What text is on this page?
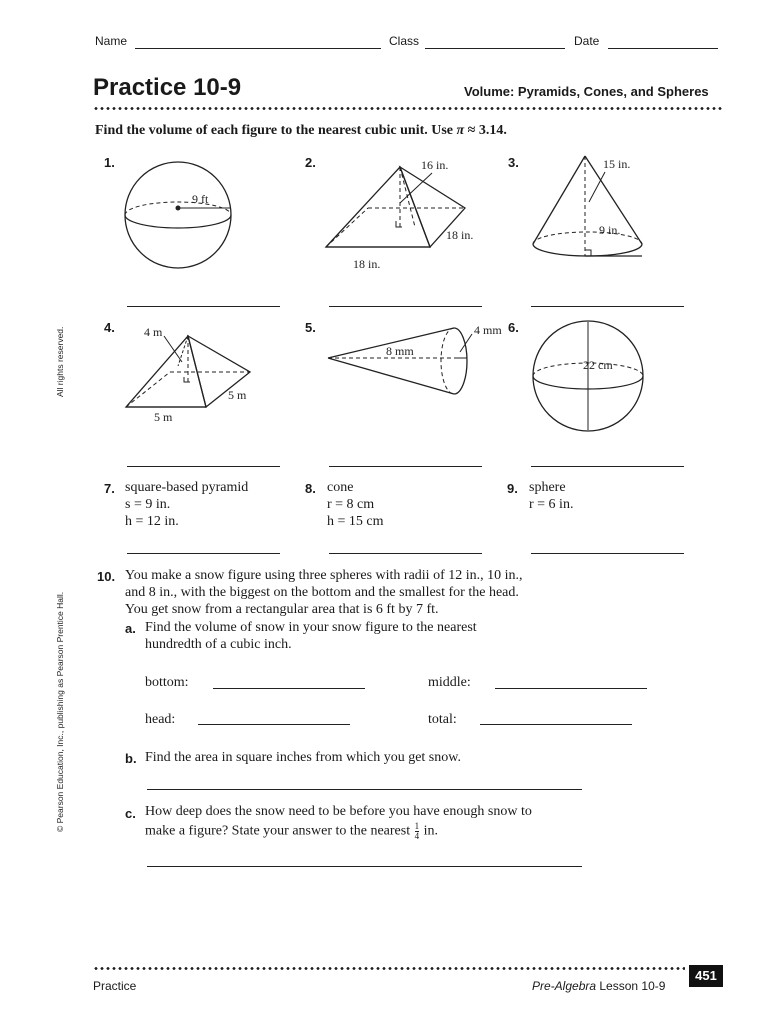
Name	Class	Date
Practice 10-9	Volume: Pyramids, Cones, and Spheres
Find the volume of each figure to the nearest cubic unit. Use π ≈ 3.14.
1.	2.	3.
9 ft
16 in.
18 in.
18 in.
15 in.
9 in.
4.	5.	6.
4 m
5 m
5 m
8 mm
4 mm
22 cm
7. square-based pyramid
s = 9 in.
h = 12 in.
8. cone
r = 8 cm
h = 15 cm
9. sphere
r = 6 in.
10. You make a snow figure using three spheres with radii of 12 in., 10 in.,
and 8 in., with the biggest on the bottom and the smallest for the head.
You get snow from a rectangular area that is 6 ft by 7 ft.
a. Find the volume of snow in your snow figure to the nearest
hundredth of a cubic inch.
bottom:	middle:
head:	total:
b. Find the area in square inches from which you get snow.
c. How deep does the snow need to be before you have enough snow to
make a figure? State your answer to the nearest $\frac{1}{4}$ in.
All rights reserved.
© Pearson Education, Inc., publishing as Pearson Prentice Hall.
Practice	Pre-Algebra Lesson 10-9
451
